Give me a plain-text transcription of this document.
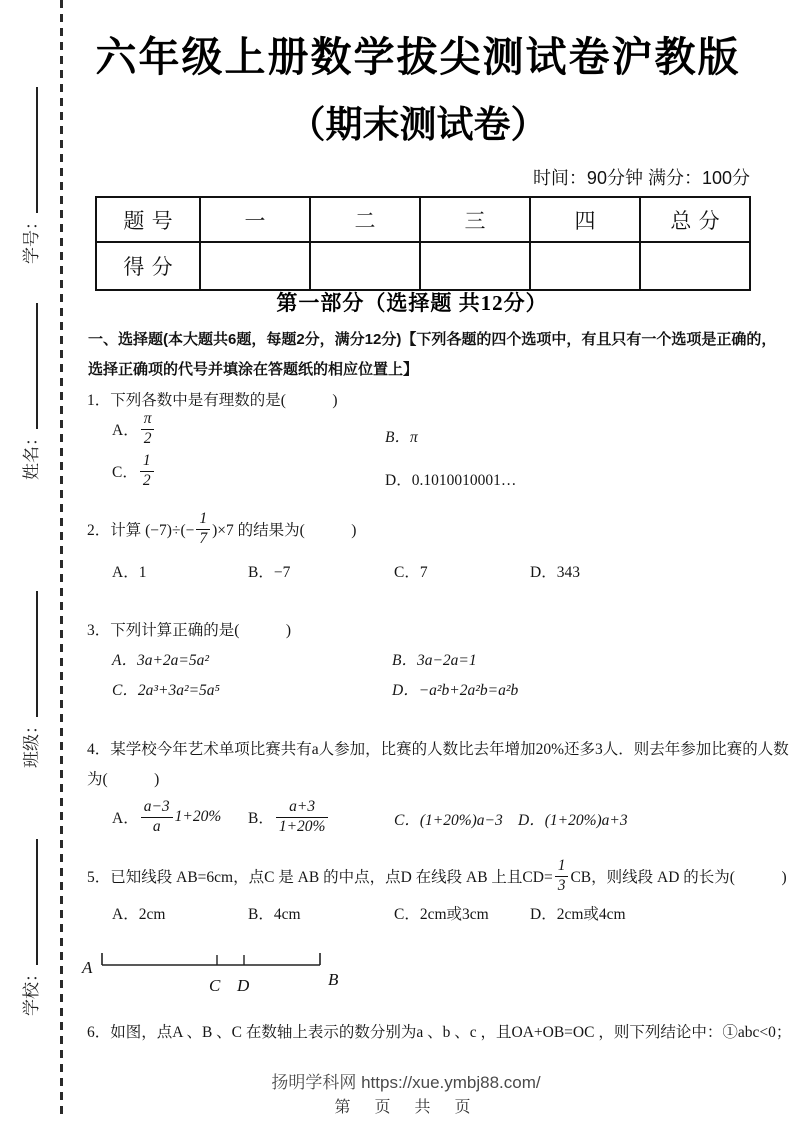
学号：
姓名：
班级：
学校：
六年级上册数学拔尖测试卷沪教版
（期末测试卷）
时间：90分钟 满分：100分
题号	一	二	三	四	总分
得分					
第一部分（选择题 共12分）
一、选择题(本大题共6题，每题2分，满分12分)【下列各题的四个选项中，有且只有一个选项是正确的，
选择正确项的代号并填涂在答题纸的相应位置上】
1．下列各数中是有理数的是(　　　)
A． $\frac{\pi}{2}$	B．π
C． $\frac{1}{2}$	D．0.1010010001…
2．计算 $(-7)\div(- \frac{1}{7} )\times 7$ 的结果为(　　　)
A．1	B．−7	C．7	D．343
3．下列计算正确的是(　　　)
A．3a+2a=5a²	B．3a−2a=1
C．2a³+3a²=5a⁵	D．−a²b+2a²b=a²b
4．某学校今年艺术单项比赛共有a人参加，比赛的人数比去年增加20%还多3人．则去年参加比赛的人数
为(　　　)
A． $\frac{a-3}{a} 1+20\%$ B． $\frac{a+3}{1+20\%}$	C．(1+20%)a−3 D．(1+20%)a+3
5．已知线段 AB=6cm，点C 是 AB 的中点，点D 在线段 AB 上且$CD= \frac{1}{3}$ CB，则线段 AD 的长为(　　　)
A．2cm	B．4cm	C．2cm或3cm	D．2cm或4cm
A
C D	B
6．如图，点A 、B 、C 在数轴上表示的数分别为a 、b 、c ，且OA+OB=OC ，则下列结论中：①abc<0；
扬明学科网 https://xue.ymbj88.com/
第 页 共 页
